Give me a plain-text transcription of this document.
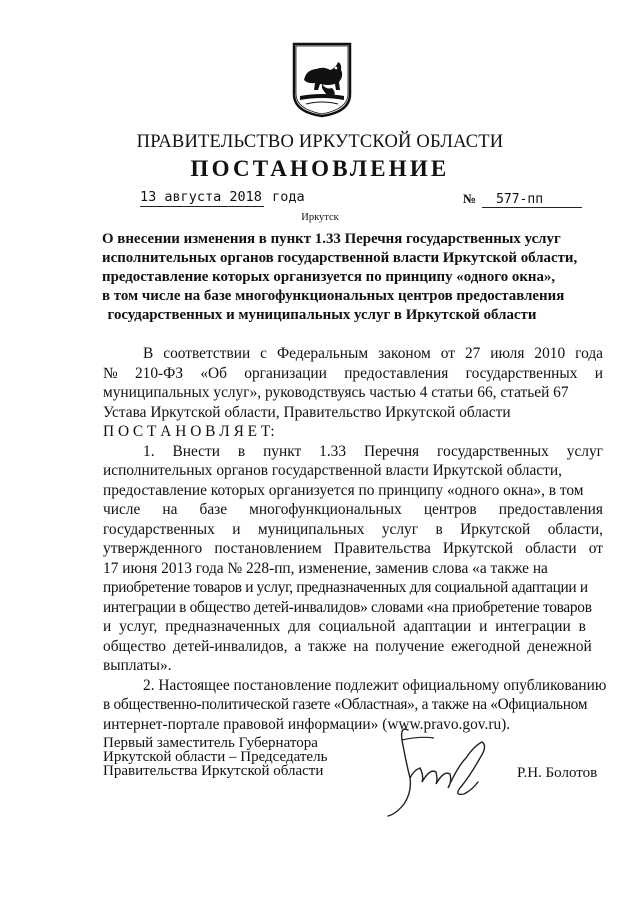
ПРАВИТЕЛЬСТВО ИРКУТСКОЙ ОБЛАСТИ
ПОСТАНОВЛЕНИЕ
13 августа 2018 года	№ 577-пп
Иркутск
О внесении изменения в пункт 1.33 Перечня государственных услуг
исполнительных органов государственной власти Иркутской области,
предоставление которых организуется по принципу «одного окна»,
в том числе на базе многофункциональных центров предоставления
государственных и муниципальных услуг в Иркутской области
В соответствии с Федеральным законом от 27 июля 2010 года
№ 210-ФЗ «Об организации предоставления государственных и
муниципальных услуг», руководствуясь частью 4 статьи 66, статьей 67
Устава Иркутской области, Правительство Иркутской области
П О С Т А Н О В Л Я Е Т:
1. Внести в пункт 1.33 Перечня государственных услуг
исполнительных органов государственной власти Иркутской области,
предоставление которых организуется по принципу «одного окна», в том
числе на базе многофункциональных центров предоставления
государственных и муниципальных услуг в Иркутской области,
утвержденного постановлением Правительства Иркутской области от
17 июня 2013 года № 228-пп, изменение, заменив слова «а также на
приобретение товаров и услуг, предназначенных для социальной адаптации и
интеграции в общество детей-инвалидов» словами «на приобретение товаров
и услуг, предназначенных для социальной адаптации и интеграции в
общество детей-инвалидов, а также на получение ежегодной денежной
выплаты».
2. Настоящее постановление подлежит официальному опубликованию
в общественно-политической газете «Областная», а также на «Официальном
интернет-портале правовой информации» (www.pravo.gov.ru).
Первый заместитель Губернатора
Иркутской области – Председатель
Правительства Иркутской области	Р.Н. Болотов
